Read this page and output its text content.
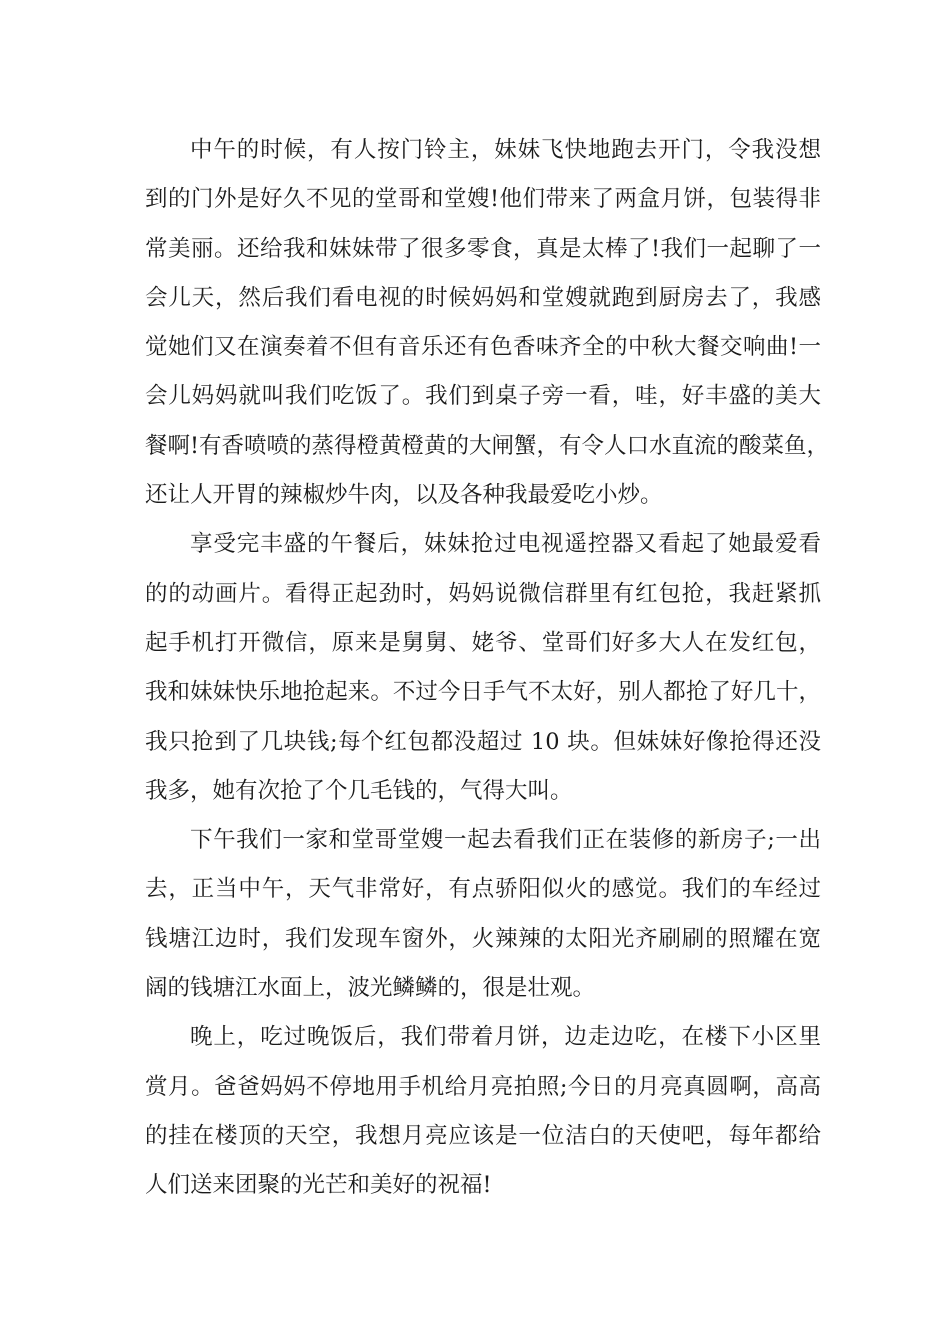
中午的时候，有人按门铃主，妹妹飞快地跑去开门，令我没想
到的门外是好久不见的堂哥和堂嫂!他们带来了两盒月饼，包装得非
常美丽。还给我和妹妹带了很多零食，真是太棒了!我们一起聊了一
会儿天，然后我们看电视的时候妈妈和堂嫂就跑到厨房去了，我感
觉她们又在演奏着不但有音乐还有色香味齐全的中秋大餐交响曲!一
会儿妈妈就叫我们吃饭了。我们到桌子旁一看，哇，好丰盛的美大
餐啊!有香喷喷的蒸得橙黄橙黄的大闸蟹，有令人口水直流的酸菜鱼，
还让人开胃的辣椒炒牛肉，以及各种我最爱吃小炒。
享受完丰盛的午餐后，妹妹抢过电视遥控器又看起了她最爱看
的的动画片。看得正起劲时，妈妈说微信群里有红包抢，我赶紧抓
起手机打开微信，原来是舅舅、姥爷、堂哥们好多大人在发红包，
我和妹妹快乐地抢起来。不过今日手气不太好，别人都抢了好几十，
我只抢到了几块钱;每个红包都没超过 10 块。但妹妹好像抢得还没
我多，她有次抢了个几毛钱的，气得大叫。
下午我们一家和堂哥堂嫂一起去看我们正在装修的新房子;一出
去，正当中午，天气非常好，有点骄阳似火的感觉。我们的车经过
钱塘江边时，我们发现车窗外，火辣辣的太阳光齐刷刷的照耀在宽
阔的钱塘江水面上，波光鳞鳞的，很是壮观。
晚上，吃过晚饭后，我们带着月饼，边走边吃，在楼下小区里
赏月。爸爸妈妈不停地用手机给月亮拍照;今日的月亮真圆啊，高高
的挂在楼顶的天空，我想月亮应该是一位洁白的天使吧，每年都给
人们送来团聚的光芒和美好的祝福!
